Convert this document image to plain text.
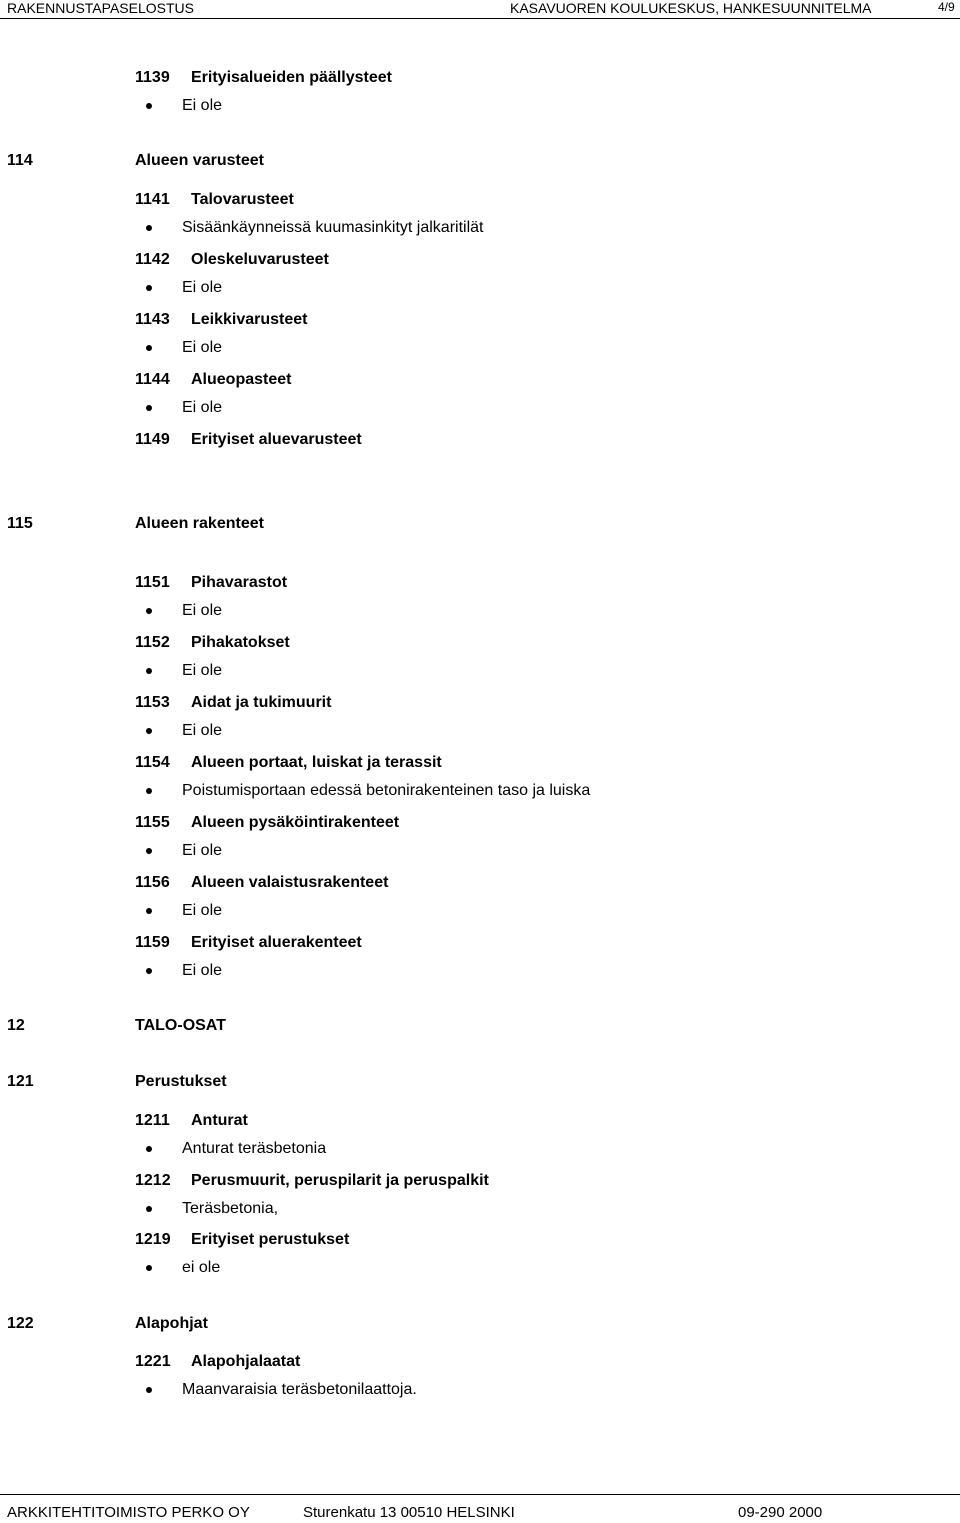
RAKENNUSTAPASELOSTUS	KASAVUOREN KOULUKESKUS, HANKESUUNNITELMA	4/9
1139 Erityisalueiden päällysteet
Ei ole
114	Alueen varusteet
1141 Talovarusteet
Sisäänkäynneissä kuumasinkityt jalkaritilät
1142 Oleskeluvarusteet
Ei ole
1143 Leikkivarusteet
Ei ole
1144 Alueopasteet
Ei ole
1149 Erityiset aluevarusteet
115	Alueen rakenteet
1151 Pihavarastot
Ei ole
1152 Pihakatokset
Ei ole
1153 Aidat ja tukimuurit
Ei ole
1154 Alueen portaat, luiskat ja terassit
Poistumisportaan edessä betonirakenteinen taso ja luiska
1155 Alueen pysäköintirakenteet
Ei ole
1156 Alueen valaistusrakenteet
Ei ole
1159 Erityiset aluerakenteet
Ei ole
12	TALO-OSAT
121	Perustukset
1211 Anturat
Anturat teräsbetonia
1212 Perusmuurit, peruspilarit ja peruspalkit
Teräsbetonia,
1219 Erityiset perustukset
ei ole
122	Alapohjat
1221 Alapohjalaatat
Maanvaraisia teräsbetonilaattoja.
ARKKITEHTITOIMISTO PERKO OY	Sturenkatu 13 00510 HELSINKI	09-290 2000
